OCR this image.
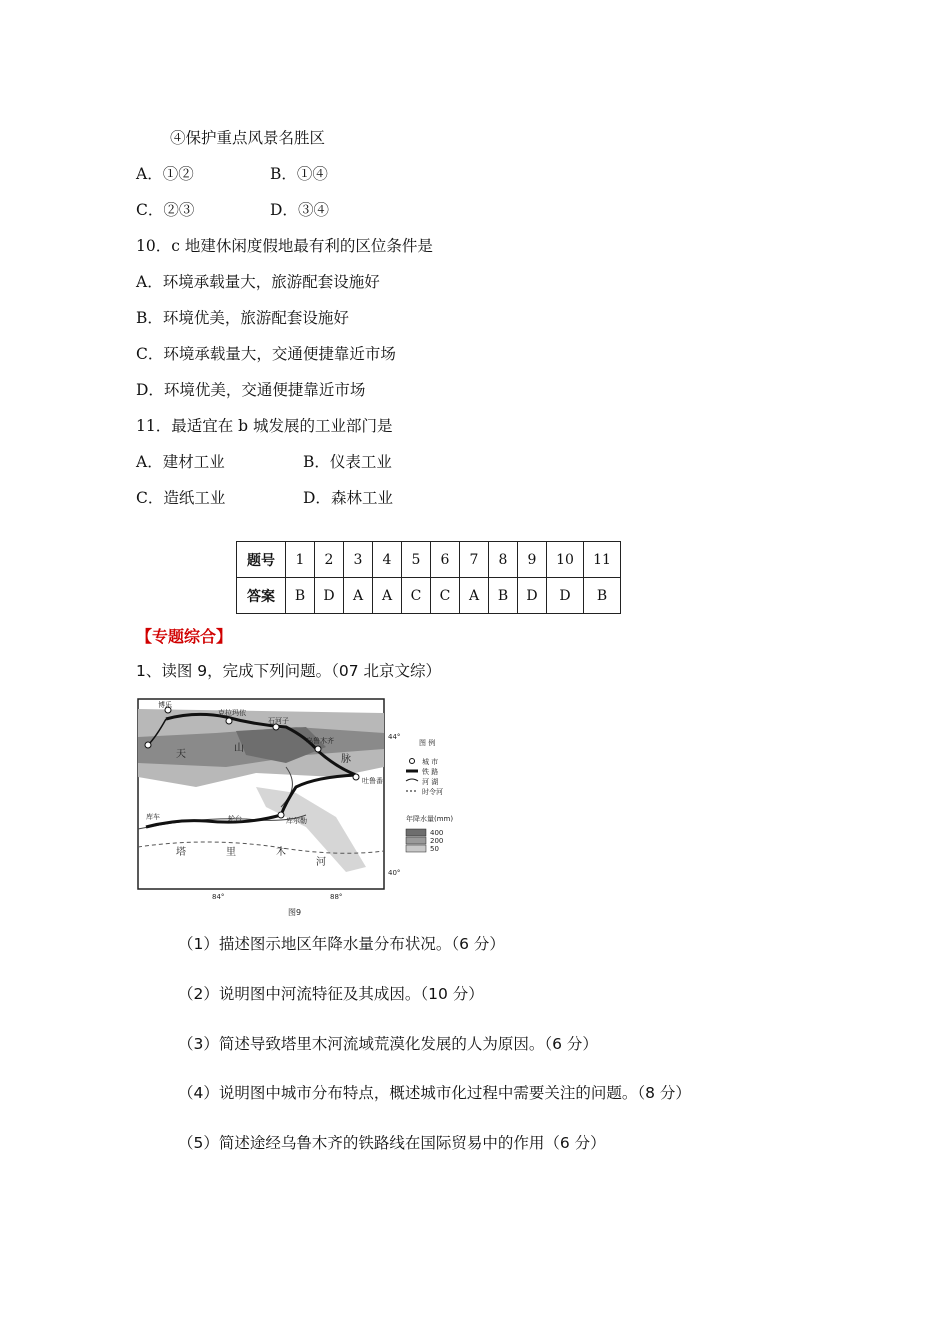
④保护重点风景名胜区
A．①②	B．①④
C．②③	D．③④
10．c 地建休闲度假地最有利的区位条件是
A．环境承载量大，旅游配套设施好
B．环境优美，旅游配套设施好
C．环境承载量大，交通便捷靠近市场
D．环境优美，交通便捷靠近市场
11．最适宜在 b 城发展的工业部门是
A．建材工业	B．仪表工业
C．造纸工业	D．森林工业
题号	1	2	3	4	5	6	7	8	9	10	11
答案	B	D	A	A	C	C	A	B	D	D	B
【专题综合】
1、读图 9，完成下列问题。（07 北京文综）
博乐
克拉玛依
石河子
乌鲁木齐
吐鲁番
库车	轮台	库尔勒
天
山
脉
塔	里	木
河
44°
40°
84°	88°
图9
图 例
城 市
铁 路
河 湖
时令河
年降水量(mm)
400
200
50
（1）描述图示地区年降水量分布状况。（6 分）
（2）说明图中河流特征及其成因。（10 分）
（3）简述导致塔里木河流域荒漠化发展的人为原因。（6 分）
（4）说明图中城市分布特点，概述城市化过程中需要关注的问题。（8 分）
（5）简述途经乌鲁木齐的铁路线在国际贸易中的作用（6 分）
